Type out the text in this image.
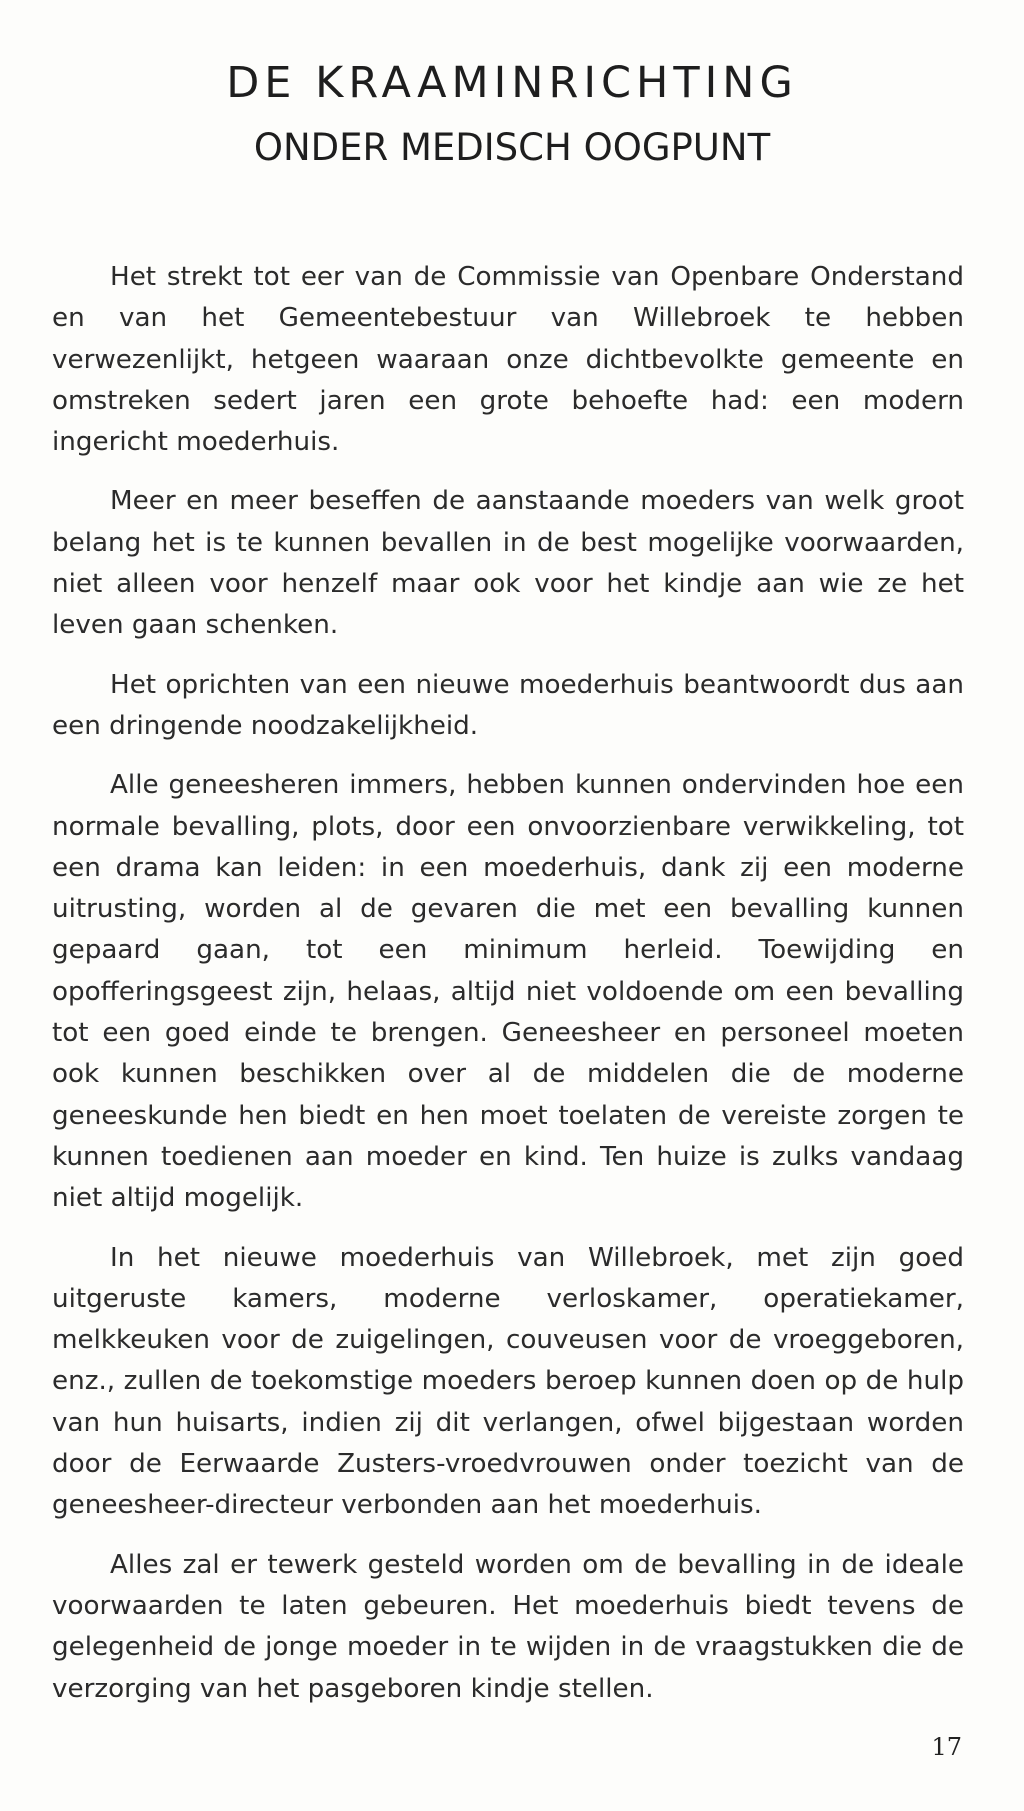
DE KRAAMINRICHTING
ONDER MEDISCH OOGPUNT

Het strekt tot eer van de Commissie van Openbare Onderstand en van het Gemeentebestuur van Willebroek te hebben verwezenlijkt, hetgeen waaraan onze dichtbevolkte gemeente en omstreken sedert jaren een grote behoefte had: een modern ingericht moederhuis.

Meer en meer beseffen de aanstaande moeders van welk groot belang het is te kunnen bevallen in de best mogelijke voorwaarden, niet alleen voor henzelf maar ook voor het kindje aan wie ze het leven gaan schenken.

Het oprichten van een nieuwe moederhuis beantwoordt dus aan een dringende noodzakelijkheid.

Alle geneesheren immers, hebben kunnen ondervinden hoe een normale bevalling, plots, door een onvoorzienbare verwikkeling, tot een drama kan leiden: in een moederhuis, dank zij een moderne uitrusting, worden al de gevaren die met een bevalling kunnen gepaard gaan, tot een minimum herleid. Toewijding en opofferingsgeest zijn, helaas, altijd niet voldoende om een bevalling tot een goed einde te brengen. Geneesheer en personeel moeten ook kunnen beschikken over al de middelen die de moderne geneeskunde hen biedt en hen moet toelaten de vereiste zorgen te kunnen toedienen aan moeder en kind. Ten huize is zulks vandaag niet altijd mogelijk.

In het nieuwe moederhuis van Willebroek, met zijn goed uitgeruste kamers, moderne verloskamer, operatiekamer, melkkeuken voor de zuigelingen, couveusen voor de vroeggeboren, enz., zullen de toekomstige moeders beroep kunnen doen op de hulp van hun huisarts, indien zij dit verlangen, ofwel bijgestaan worden door de Eerwaarde Zusters-vroedvrouwen onder toezicht van de geneesheer-directeur verbonden aan het moederhuis.

Alles zal er tewerk gesteld worden om de bevalling in de ideale voorwaarden te laten gebeuren. Het moederhuis biedt tevens de gelegenheid de jonge moeder in te wijden in de vraagstukken die de verzorging van het pasgeboren kindje stellen.

17
